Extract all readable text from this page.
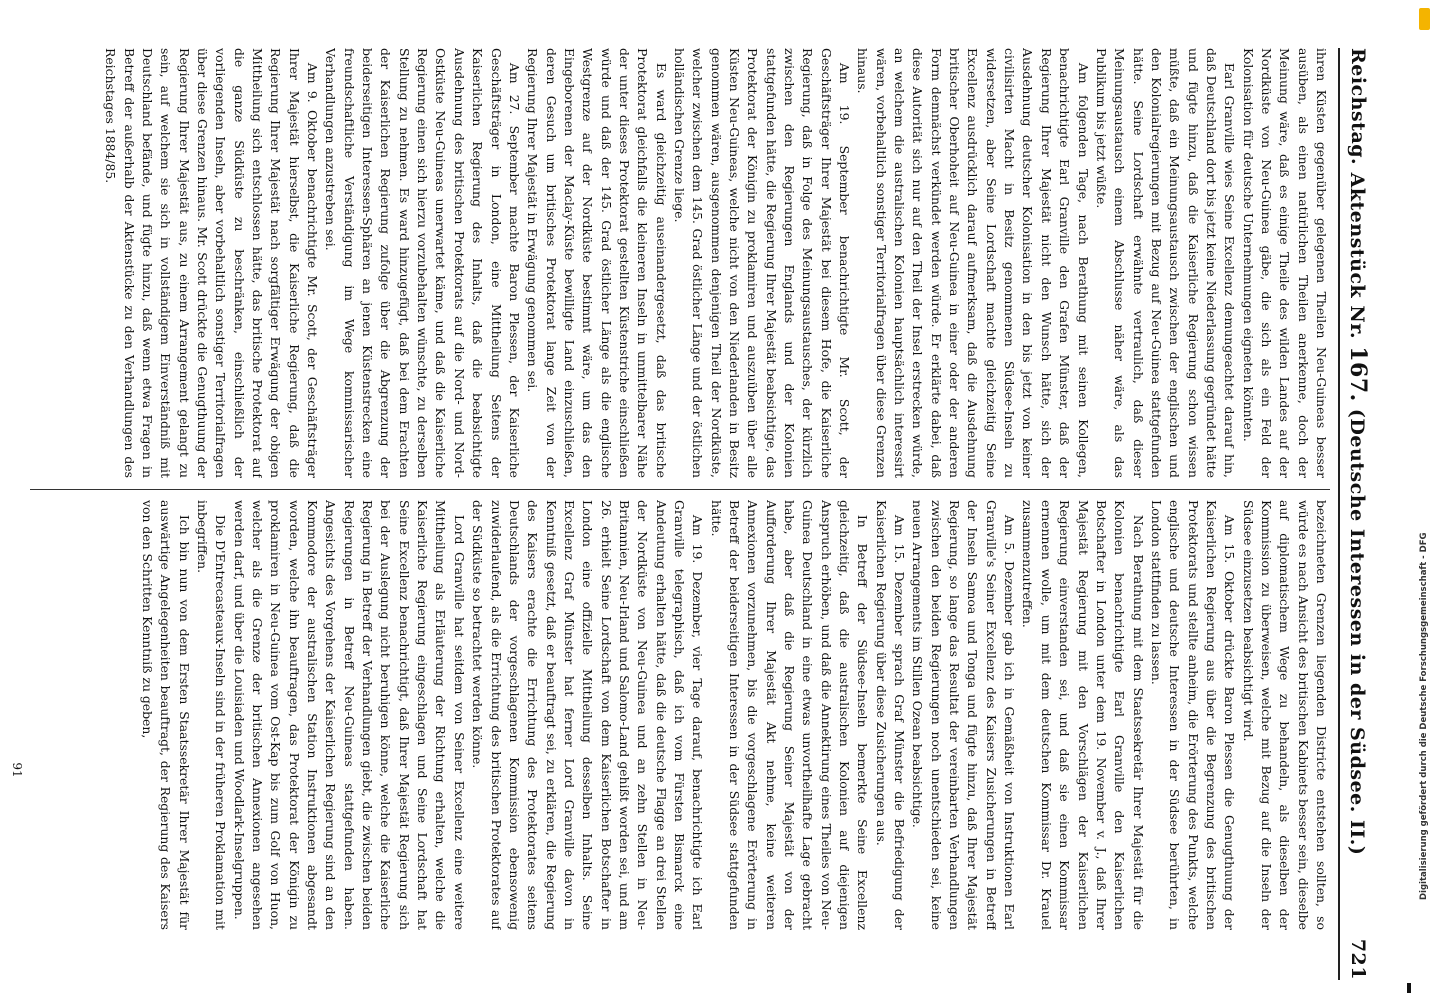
Reichstag.
Aktenstück Nr. 167. (Deutsche Interessen in der Südsee. II.)
721

ihren Küsten gegenüber gelegenen Theilen Neu-Guineas besser ausüben, als einen natürlichen Theilen anerkenne, doch der Meinung wäre, daß es einige Theile des wilden Landes auf der Nordküste von Neu-Guinea gäbe, die sich als ein Feld der Kolonisation für deutsche Unternehmungen eigneten könnten.

Earl Granville wies Seine Excellenz demungeachtet darauf hin, daß Deutschland dort bis jetzt keine Niederlassung gegründet hätte und fügte hinzu, daß die Kaiserliche Regierung schon wissen müßte, daß ein Meinungsaustausch zwischen der englischen und den Kolonialregierungen mit Bezug auf Neu-Guinea stattgefunden hätte. Seine Lordschaft erwähnte vertraulich, daß dieser Meinungsaustausch einem Abschlusse näher wäre, als das Publikum bis jetzt wüßte.

Am folgenden Tage, nach Berathung mit seinen Kollegen, benachrichtigte Earl Granville den Grafen Münster, daß der Regierung Ihrer Majestät nicht den Wunsch hätte, sich der Ausdehnung deutscher Kolonisation in den bis jetzt von keiner civilisirten Macht in Besitz genommenen Südsee-Inseln zu widersetzen, aber Seine Lordschaft machte gleichzeitig Seine Excellenz ausdrücklich darauf aufmerksam, daß die Ausdehnung britischer Oberhoheit auf Neu-Guinea in einer oder der anderen Form demnächst verkündet werden würde. Er erklärte dabei, daß diese Autorität sich nur auf den Theil der Insel erstrecken würde, an welchem die australischen Kolonien hauptsächlich interessirt wären, vorbehaltlich sonstiger Territorialfragen über diese Grenzen hinaus.

Am 19. September benachrichtigte Mr. Scott, der Geschäftsträger Ihrer Majestät bei diesem Hofe, die Kaiserliche Regierung, daß in Folge des Meinungsaustausches, der kürzlich zwischen den Regierungen Englands und der Kolonien stattgefunden hätte, die Regierung Ihrer Majestät beabsichtige, das Protektorat der Königin zu proklamiren und auszuüben über alle Küsten Neu-Guineas, welche nicht von den Niederlanden in Besitz genommen wären, ausgenommen denjenigen Theil der Nordküste, welcher zwischen dem 145. Grad östlicher Länge und der östlichen holländischen Grenze liege.

Es ward gleichzeitig auseinandergesetzt, daß das britische Protektorat gleichfalls die kleineren Inseln in unmittelbarer Nähe der unter dieses Protektorat gestellten Küstenstriche einschließen würde und daß der 145. Grad östlicher Länge als die englische Westgrenze auf der Nordküste bestimmt wäre, um das den Eingeborenen der Maclay-Küste bewilligte Land einzuschließen, deren Gesuch um britisches Protektorat lange Zeit von der Regierung Ihrer Majestät in Erwägung genommen sei.

Am 27. September machte Baron Plessen, der Kaiserliche Geschäftsträger in London, eine Mittheilung Seitens der Kaiserlichen Regierung des Inhalts, daß die beabsichtigte Ausdehnung des britischen Protektorats auf die Nord- und Nord-Ostküste Neu-Guineas unerwartet käme, und daß die Kaiserliche Regierung einen sich hierzu vorzubehalten wünschte, zu derselben Stellung zu nehmen. Es ward hinzugefügt, daß bei dem Erachten der Kaiserlichen Regierung zufolge über die Abgrenzung der beiderseitigen Interessen-Sphären an jenen Küstenstrecken eine freundschaftliche Verständigung im Wege kommissarischer Verhandlungen anzustreben sei.

Am 9. Oktober benachrichtigte Mr. Scott, der Geschäftsträger Ihrer Majestät hierselbst, die Kaiserliche Regierung, daß die Regierung Ihrer Majestät nach sorgfältiger Erwägung der obigen Mittheilung sich entschlossen hätte, das britische Protektorat auf die ganze Südküste zu beschränken, einschließlich der vorliegenden Inseln, aber vorbehaltlich sonstiger Territorialfragen über diese Grenzen hinaus. Mr. Scott drückte die Genugthuung der Regierung Ihrer Majestät aus, zu einem Arrangement gelangt zu sein, auf welchem sie sich in vollständigem Einverständniß mit Deutschland befände, und fügte hinzu, daß wenn etwa Fragen in Betreff der außerhalb der Aktenstücke zu den Verhandlungen des Reichstages 1884/85.

bezeichneten Grenzen liegenden Districte entstehen sollten, so würde es nach Ansicht des britischen Kabinets besser sein, dieselbe auf diplomatischem Wege zu behandeln, als dieselben der Kommission zu überweisen, welche mit Bezug auf die Inseln der Südsee einzusetzen beabsichtigt wird.

Am 15. Oktober drückte Baron Plessen die Genugthuung der Kaiserlichen Regierung aus über die Begrenzung des britischen Protektorats und stellte anheim, die Erörterung des Punkts, welche englische und deutsche Interessen in der Südsee berührten, in London stattfinden zu lassen.

Nach Berathung mit dem Staatssekretär Ihrer Majestät für die Kolonien benachrichtigte Earl Granville den Kaiserlichen Botschafter in London unter dem 19. November v. J., daß Ihrer Majestät Regierung mit den Vorschlägen der Kaiserlichen Regierung einverstanden sei, und daß sie einen Kommissar ernennen wolle, um mit dem deutschen Kommissar Dr. Krauel zusammenzutreffen.

Am 5. Dezember gab ich in Gemäßheit von Instruktionen Earl Granville's Seiner Excellenz des Kaisers Zusicherungen in Betreff der Inseln Samoa und Tonga und fügte hinzu, daß Ihrer Majestät Regierung, so lange das Resultat der vereinbarten Verhandlungen zwischen den beiden Regierungen noch unentschieden sei, keine neuen Arrangements im Stillen Ozean beabsichtige.

Am 15. Dezember sprach Graf Münster die Befriedigung der Kaiserlichen Regierung über diese Zusicherungen aus.

In Betreff der Südsee-Inseln bemerkte Seine Excellenz gleichzeitig, daß die australischen Kolonien auf diejenigen Anspruch erhöben, und daß die Annektirung eines Theiles von Neu-Guinea Deutschland in eine etwas unvortheilhafte Lage gebracht habe, aber daß die Regierung Seiner Majestät von der Aufforderung Ihrer Majestät Akt nehme, keine weiteren Annexionen vorzunehmen, bis die vorgeschlagene Erörterung in Betreff der beiderseitigen Interessen in der Südsee stattgefunden hätte.

Am 19. Dezember, vier Tage darauf, benachrichtigte ich Earl Granville telegraphisch, daß ich vom Fürsten Bismarck eine Andeutung erhalten hätte, daß die deutsche Flagge an drei Stellen der Nordküste von Neu-Guinea und an zehn Stellen in Neu-Britannien, Neu-Irland und Salomo-Land gehißt worden sei, und am 26. erhielt Seine Lordschaft von dem Kaiserlichen Botschafter in London eine offizielle Mittheilung desselben Inhalts. Seine Excellenz Graf Münster hat ferner Lord Granville davon in Kenntniß gesetzt, daß er beauftragt sei, zu erklären, die Regierung des Kaisers erachte die Errichtung des Protektorates seitens Deutschlands der vorgeschlagenen Kommission ebensowenig zuwiderlaufend, als die Errichtung des britischen Protektorates auf der Südküste so betrachtet werden könne.

Lord Granville hat seitdem von Seiner Excellenz eine weitere Mittheilung als Erläuterung der Richtung erhalten, welche die Kaiserliche Regierung eingeschlagen und Seine Lordschaft hat Seine Excellenz benachrichtigt, daß Ihrer Majestät Regierung sich bei der Auslegung nicht beruhigen könne, welche die Kaiserliche Regierung in Betreff der Verhandlungen giebt, die zwischen beiden Regierungen in Betreff Neu-Guineas stattgefunden haben. Angesichts des Vorgehens der Kaiserlichen Regierung sind an den Kommodore der australischen Station Instruktionen abgesandt worden, welche ihn beauftragen, das Protektorat der Königin zu proklamiren in Neu-Guinea vom Ost-Kap bis zum Golf von Huon, welcher als die Grenze der britischen Annexionen angesehen werden darf, und über die Louisiaden und Woodlark-Inselgruppen.

Die D'Entrecasteaux-Inseln sind in der früheren Proklamation mit inbegriffen.

Ich bin nun von dem Ersten Staatssekretär Ihrer Majestät für auswärtige Angelegenheiten beauftragt, der Regierung des Kaisers von den Schritten Kenntniß zu geben,

91	Digitalisierung gefördert durch die Deutsche Forschungsgemeinschaft - DFG
